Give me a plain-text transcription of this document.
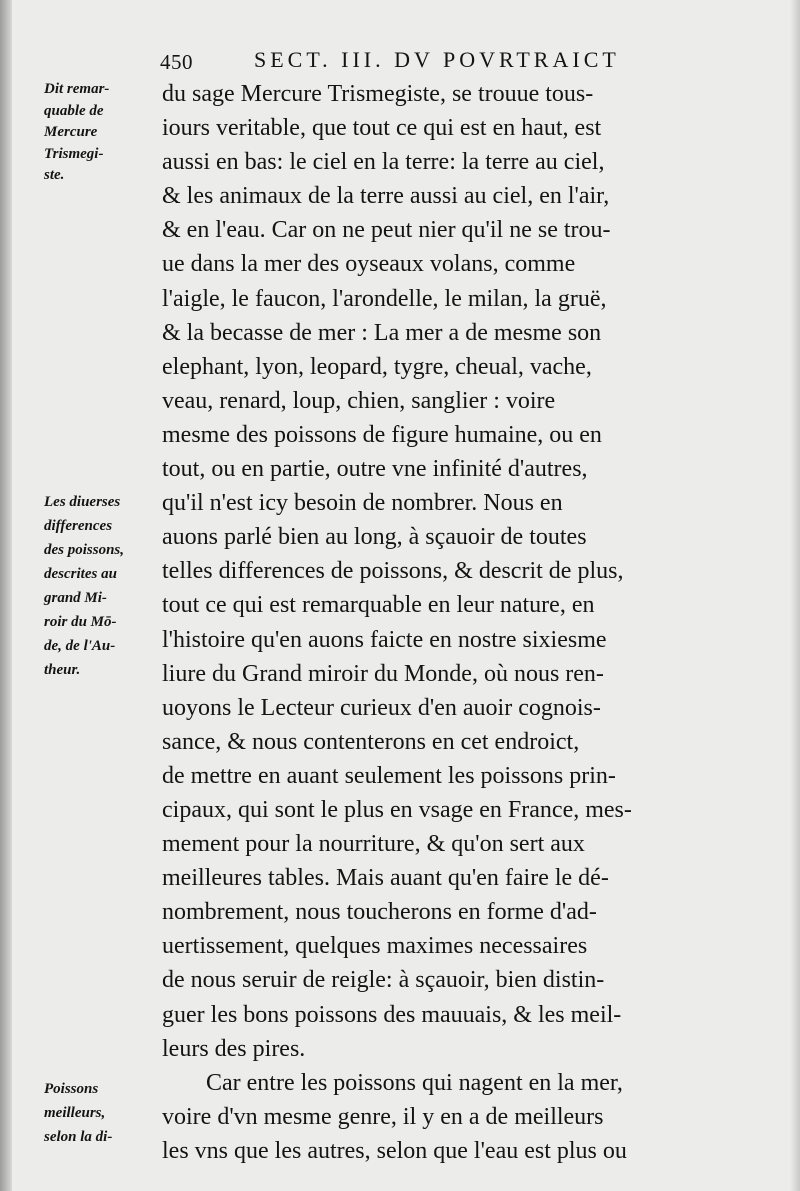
450	SECT. III. DV POVRTRAICT
Dit remar-
quable de
Mercure
Trismegi-
ste.
Les diuerses
differences
des poissons,
descrites au
grand Mi-
roir du Mō-
de, de l'Au-
theur.
Poissons
meilleurs,
selon la di-
du sage Mercure Trismegiste, se trouue tous-
iours veritable, que tout ce qui est en haut, est
aussi en bas: le ciel en la terre: la terre au ciel,
& les animaux de la terre aussi au ciel, en l'air,
& en l'eau. Car on ne peut nier qu'il ne se trou-
ue dans la mer des oyseaux volans, comme
l'aigle, le faucon, l'arondelle, le milan, la gruë,
& la becasse de mer : La mer a de mesme son
elephant, lyon, leopard, tygre, cheual, vache,
veau, renard, loup, chien, sanglier : voire
mesme des poissons de figure humaine, ou en
tout, ou en partie, outre vne infinité d'autres,
qu'il n'est icy besoin de nombrer. Nous en
auons parlé bien au long, à sçauoir de toutes
telles differences de poissons, & descrit de plus,
tout ce qui est remarquable en leur nature, en
l'histoire qu'en auons faicte en nostre sixiesme
liure du Grand miroir du Monde, où nous ren-
uoyons le Lecteur curieux d'en auoir cognois-
sance, & nous contenterons en cet endroict,
de mettre en auant seulement les poissons prin-
cipaux, qui sont le plus en vsage en France, mes-
mement pour la nourriture, & qu'on sert aux
meilleures tables. Mais auant qu'en faire le dé-
nombrement, nous toucherons en forme d'ad-
uertissement, quelques maximes necessaires
de nous seruir de reigle: à sçauoir, bien distin-
guer les bons poissons des mauuais, & les meil-
leurs des pires.
Car entre les poissons qui nagent en la mer,
voire d'vn mesme genre, il y en a de meilleurs
les vns que les autres, selon que l'eau est plus ou
